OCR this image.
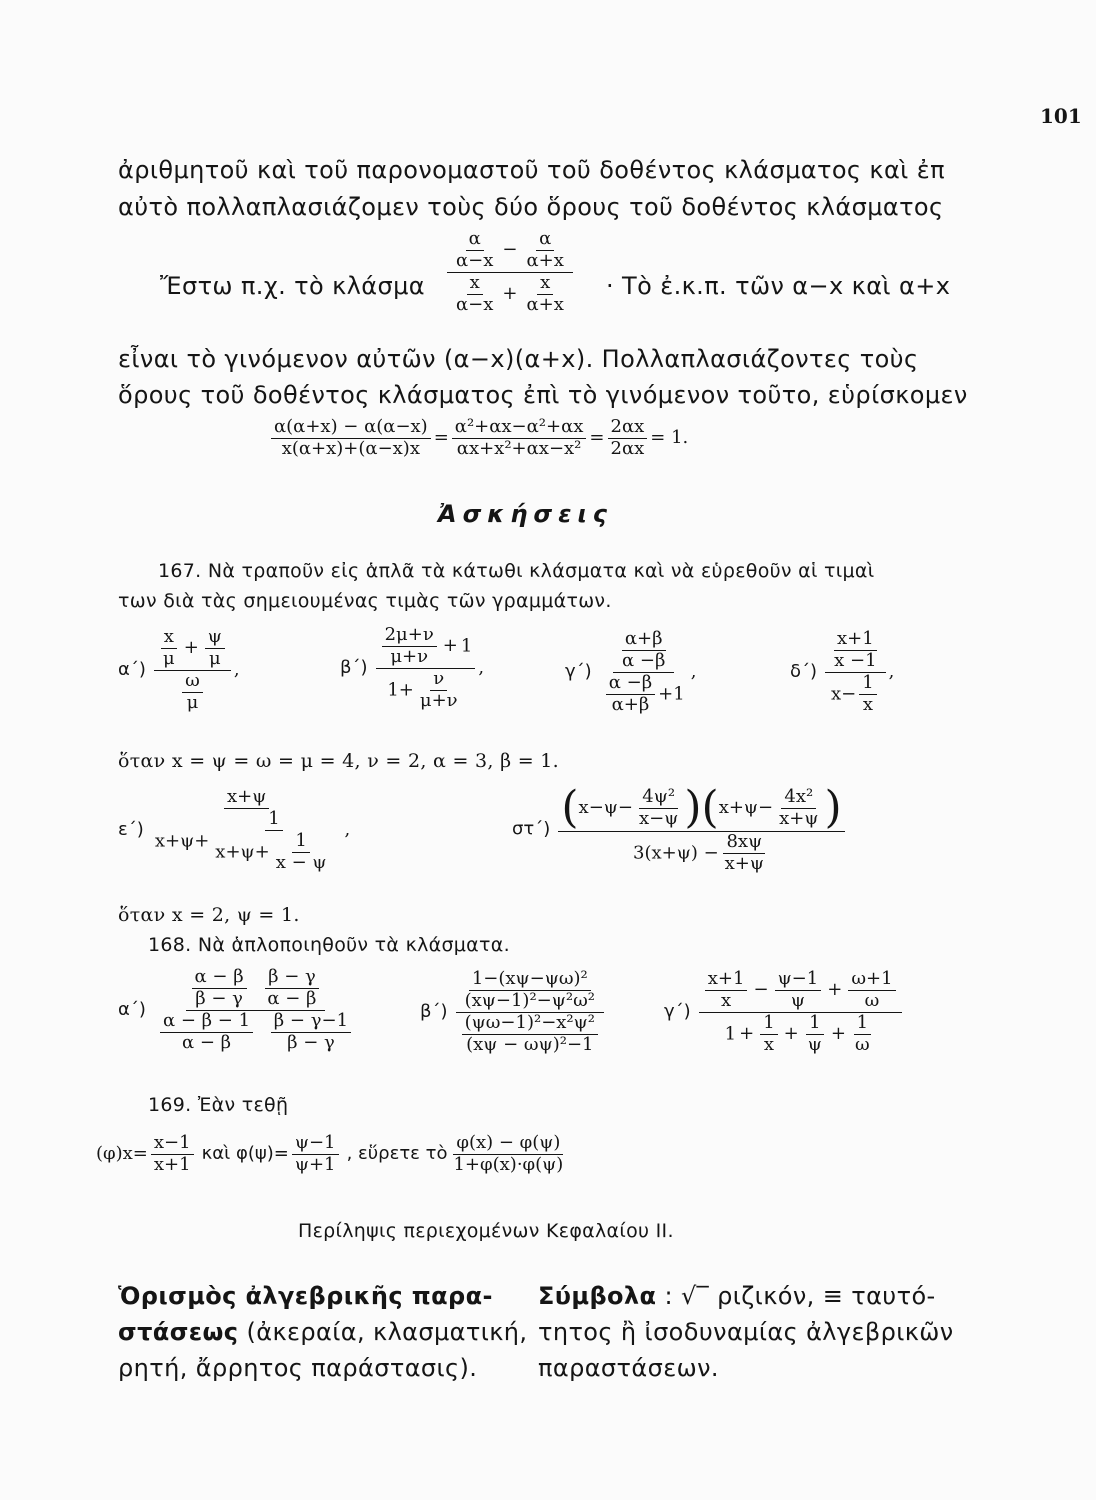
101
ἀριθμητοῦ καὶ τοῦ παρονομαστοῦ τοῦ δοθέντος κλάσματος καὶ ἐπ
αὐτὸ πολλαπλασιάζομεν τοὺς δύο ὅρους τοῦ δοθέντος κλάσματος
Ἔστω π.χ. τὸ κλάσμα $\frac{\frac{\alpha}{\alpha-x} - \frac{\alpha}{\alpha+x}}{\frac{x}{\alpha-x} + \frac{x}{\alpha+x}}$ · Τὸ ἐ.κ.π. τῶν α−x καὶ α+x
εἶναι τὸ γινόμενον αὐτῶν (α−x)(α+x). Πολλαπλασιάζοντες τοὺς
ὅρους τοῦ δοθέντος κλάσματος ἐπὶ τὸ γινόμενον τοῦτο, εὑρίσκομεν
$\frac{\alpha(\alpha+x) - \alpha(\alpha-x)}{x(\alpha+x)+(\alpha-x)x} = \frac{\text{α²+αx−α²+αx}}{\text{αx+x²+αx−x²}} = \frac{2\alpha x}{2\alpha x} = 1$.
Ἀσκήσεις
167. Νὰ τραποῦν εἰς ἁπλᾶ τὰ κάτωθι κλάσματα καὶ νὰ εὑρεθοῦν αἱ τιμαὶ
των διὰ τὰς σημειουμένας τιμὰς τῶν γραμμάτων.
$\alpha΄) \frac{\frac{x}{\mu} + \frac{\psi}{\mu}}{\frac{\omega}{\mu}}$ ,	$\beta΄) \frac{\frac{2\mu+\nu}{\mu+\nu} + 1}{1+ \frac{\nu}{\mu+\nu}}$ ,	$\gamma΄) \frac{\frac{\alpha+\beta}{\alpha -\beta}}{\frac{\alpha -\beta}{\alpha+\beta} +1}$ ,	$\delta΄) \frac{\frac{x+1}{x -1}}{x- \frac{1}{x}}$ ,
ὅταν x = ψ = ω = μ = 4, ν = 2, α = 3, β = 1.
$\varepsilon΄) \frac{x+\psi}{x+\psi+ \frac{1}{x+\psi+ \frac{1}{x - \psi}}}$ ,	$\sigma\tau΄) \frac{(x-\psi- \frac{\text{4ψ²}}{x-\psi} )(x+\psi- \frac{\text{4x²}}{x+\psi} )}{3(x+\psi) - \frac{8x\psi}{x+\psi}}$
ὅταν x = 2, ψ = 1.
168. Νὰ ἁπλοποιηθοῦν τὰ κλάσματα.
$\alpha΄) \frac{\alpha - \beta}{\beta - \gamma}$
$\frac{\beta - \gamma}{\alpha - \beta}$
$\frac{\alpha - \beta - 1}{\alpha - \beta}$
$\frac{\beta - \gamma-1}{\beta - \gamma}$	$\beta΄) \frac{\frac{\text{1−(xψ−ψω)²}}{\text{(xψ−1)²−ψ²ω²}}}{\frac{\text{(ψω−1)²−x²ψ²}}{\text{(xψ − ωψ)²−1}}}$	$\gamma΄) \frac{\frac{x+1}{x} - \frac{\psi-1}{\psi} + \frac{\omega+1}{\omega}}{1 + \frac{1}{x} + \frac{1}{\psi} + \frac{1}{\omega}}$
169. Ἐὰν τεθῇ
$(\varphi)x= \frac{x-1}{x+1}$ καὶ $\varphi(\psi)= \frac{\psi-1}{\psi+1}$ , εὕρετε τὸ $\frac{\varphi(x) - \varphi(\psi)}{1+\varphi(x)\cdot\varphi(\psi)}$
Περίληψις περιεχομένων Κεφαλαίου ΙΙ.
Ὁρισμὸς ἀλγεβρικῆς παρα-
στάσεως (ἀκεραία, κλασματική,
ρητή, ἄρρητος παράστασις).
Σύμβολα : √‾ ριζικόν, ≡ ταυτό-
τητος ἢ ἰσοδυναμίας ἀλγεβρικῶν
παραστάσεων.
